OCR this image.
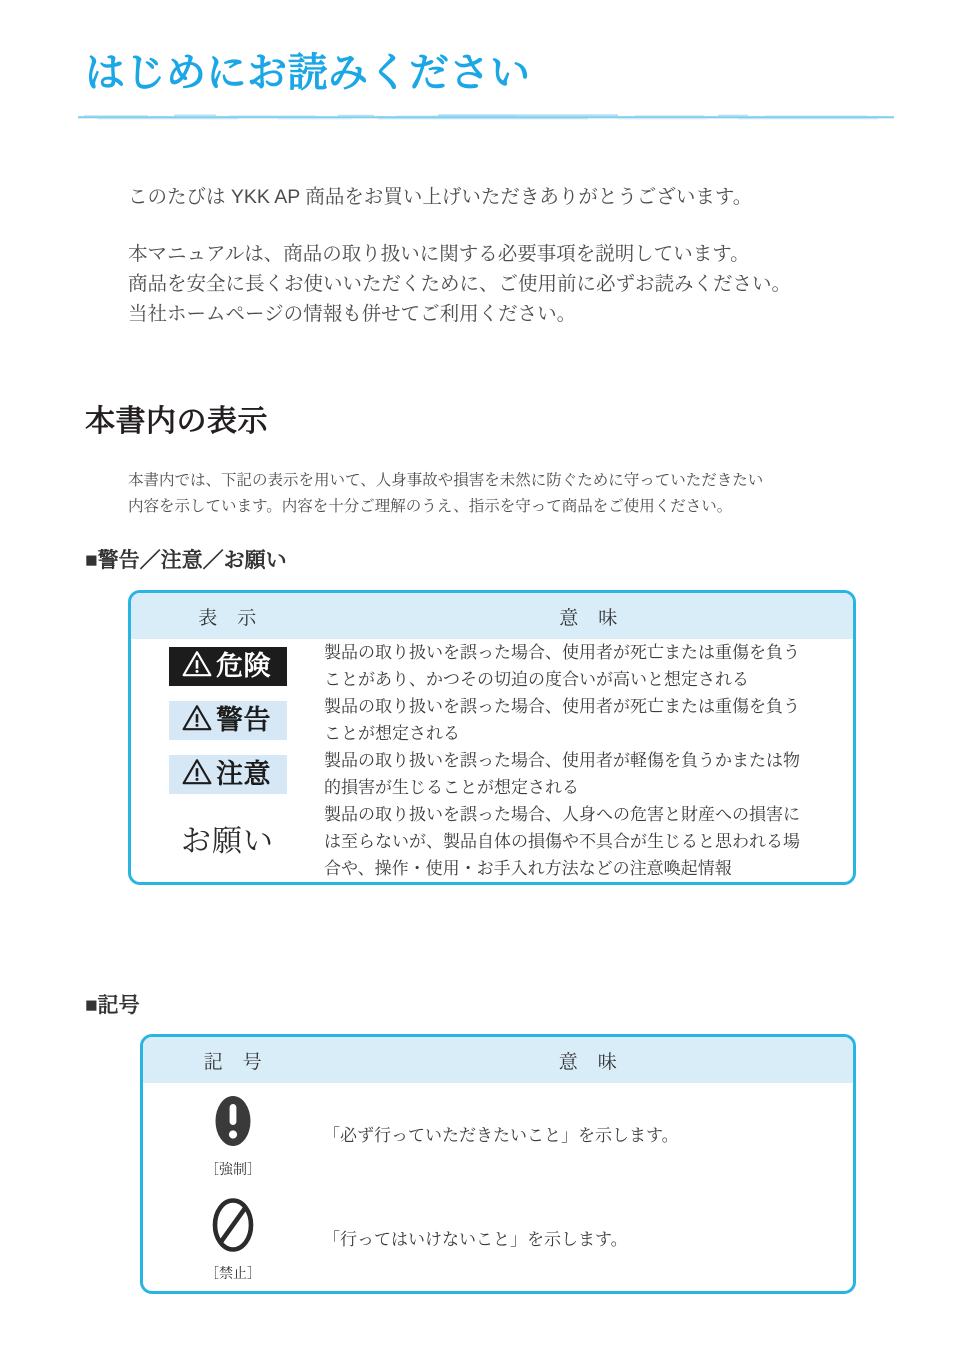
はじめにお読みください

このたびは YKK AP 商品をお買い上げいただきありがとうございます。

本マニュアルは、商品の取り扱いに関する必要事項を説明しています。
商品を安全に長くお使いいただくために、ご使用前に必ずお読みください。
当社ホームページの情報も併せてご利用ください。

本書内の表示
本書内では、下記の表示を用いて、人身事故や損害を未然に防ぐために守っていただきたい
内容を示しています。内容を十分ご理解のうえ、指示を守って商品をご使用ください。
■警告／注意／お願い
表　示	意　味

危険	製品の取り扱いを誤った場合、使用者が死亡または重傷を負う
ことがあり、かつその切迫の度合いが高いと想定される

警告	製品の取り扱いを誤った場合、使用者が死亡または重傷を負う
ことが想定される

注意	製品の取り扱いを誤った場合、使用者が軽傷を負うかまたは物
的損害が生じることが想定される

お願い	製品の取り扱いを誤った場合、人身への危害と財産への損害に
は至らないが、製品自体の損傷や不具合が生じると思われる場
合や、操作・使用・お手入れ方法などの注意喚起情報
■記号
記　号	意　味

［強制］	「必ず行っていただきたいこと」を示します。

［禁止］	「行ってはいけないこと」を示します。
